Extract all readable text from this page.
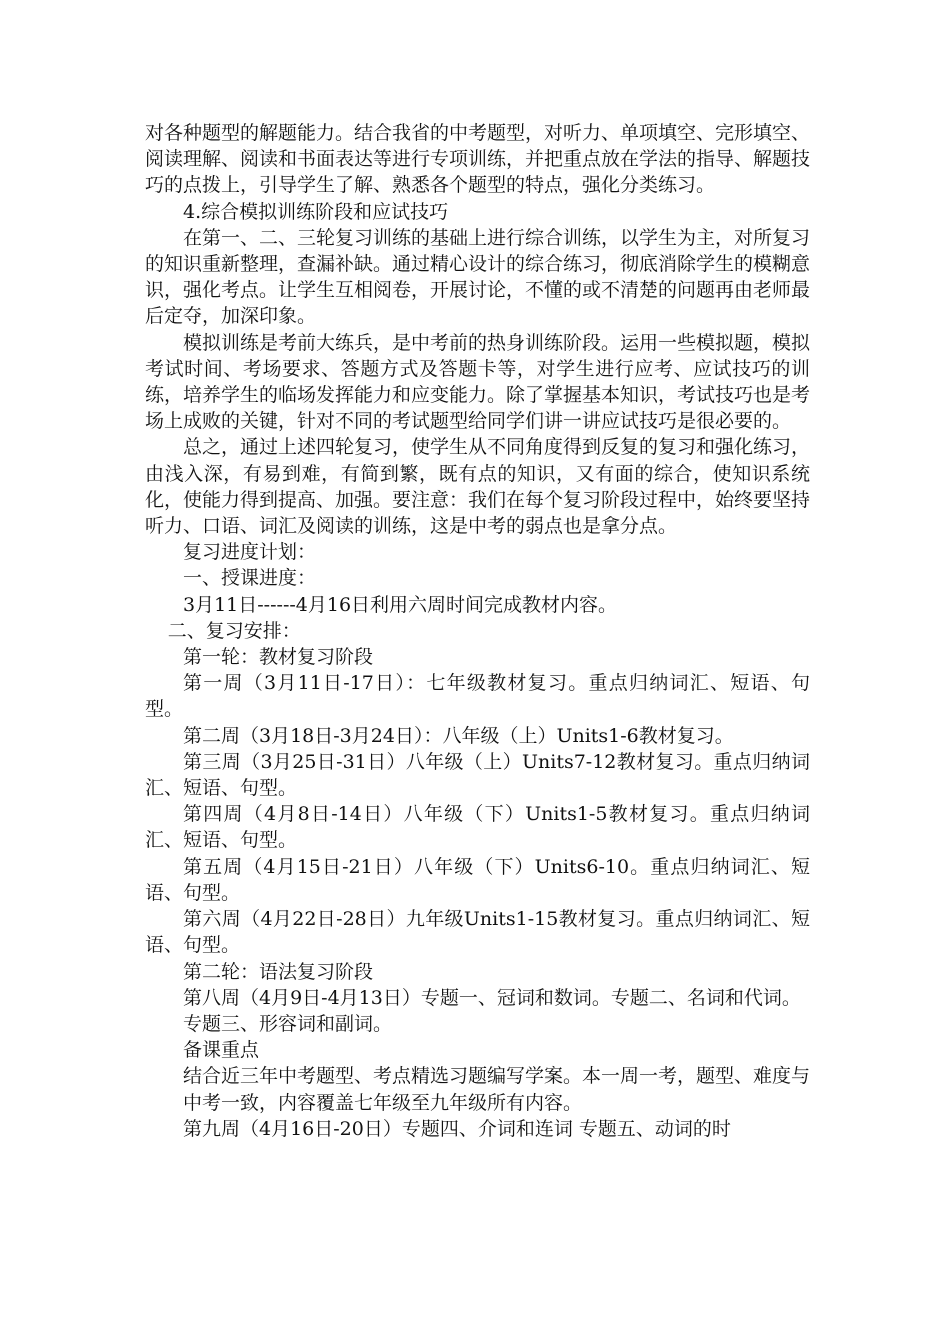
对各种题型的解题能力。结合我省的中考题型，对听力、单项填空、完形填空、阅读理解、阅读和书面表达等进行专项训练，并把重点放在学法的指导、解题技巧的点拨上，引导学生了解、熟悉各个题型的特点，强化分类练习。

4.综合模拟训练阶段和应试技巧

在第一、二、三轮复习训练的基础上进行综合训练，以学生为主，对所复习的知识重新整理，查漏补缺。通过精心设计的综合练习，彻底消除学生的模糊意识，强化考点。让学生互相阅卷，开展讨论，不懂的或不清楚的问题再由老师最后定夺，加深印象。

模拟训练是考前大练兵，是中考前的热身训练阶段。运用一些模拟题，模拟考试时间、考场要求、答题方式及答题卡等，对学生进行应考、应试技巧的训练，培养学生的临场发挥能力和应变能力。除了掌握基本知识，考试技巧也是考场上成败的关键，针对不同的考试题型给同学们讲一讲应试技巧是很必要的。

总之，通过上述四轮复习，使学生从不同角度得到反复的复习和强化练习，由浅入深，有易到难，有简到繁，既有点的知识，又有面的综合，使知识系统化，使能力得到提高、加强。要注意：我们在每个复习阶段过程中，始终要坚持听力、口语、词汇及阅读的训练，这是中考的弱点也是拿分点。

复习进度计划：

一、授课进度：

3月11日------4月16日利用六周时间完成教材内容。

二、复习安排：

第一轮：教材复习阶段

第一周（3月11日-17日）：七年级教材复习。重点归纳词汇、短语、句型。

第二周（3月18日-3月24日）：八年级（上）Units1-6教材复习。

第三周（3月25日-31日）八年级（上）Units7-12教材复习。重点归纳词汇、短语、句型。

第四周（4月8日-14日）八年级（下）Units1-5教材复习。重点归纳词汇、短语、句型。

第五周（4月15日-21日）八年级（下）Units6-10。重点归纳词汇、短语、句型。

第六周（4月22日-28日）九年级Units1-15教材复习。重点归纳词汇、短语、句型。

第二轮：语法复习阶段

第八周（4月9日-4月13日）专题一、冠词和数词。专题二、名词和代词。

专题三、形容词和副词。

备课重点

结合近三年中考题型、考点精选习题编写学案。本一周一考，题型、难度与

中考一致，内容覆盖七年级至九年级所有内容。

第九周（4月16日-20日）专题四、介词和连词 专题五、动词的时
